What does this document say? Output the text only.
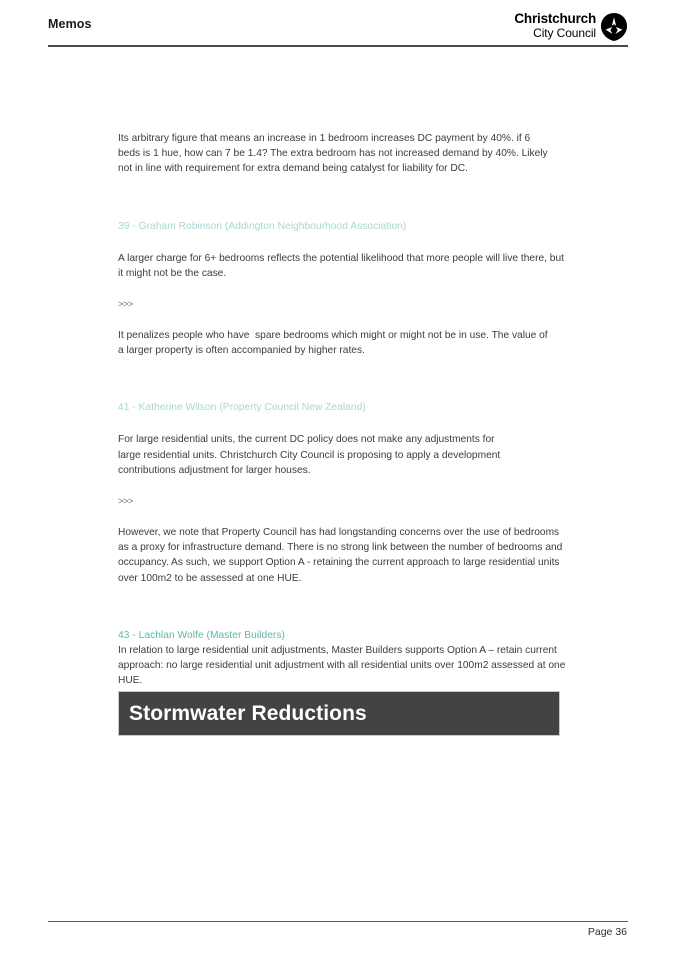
Memos	Christchurch
City Council

Its arbitrary figure that means an increase in 1 bedroom increases DC payment by 40%. if 6 beds is 1 hue, how can 7 be 1.4? The extra bedroom has not increased demand by 40%. Likely not in line with requirement for extra demand being catalyst for liability for DC.

39 - Graham Robinson (Addington Neighbourhood Association)

A larger charge for 6+ bedrooms reflects the potential likelihood that more people will live there, but it might not be the case.

>>>

It penalizes people who have  spare bedrooms which might or might not be in use. The value of a larger property is often accompanied by higher rates.

41 - Katherine Wilson (Property Council New Zealand)

For large residential units, the current DC policy does not make any adjustments for large residential units. Christchurch City Council is proposing to apply a development contributions adjustment for larger houses.

>>>

However, we note that Property Council has had longstanding concerns over the use of bedrooms as a proxy for infrastructure demand. There is no strong link between the number of bedrooms and occupancy. As such, we support Option A - retaining the current approach to large residential units over 100m2 to be assessed at one HUE.

43 - Lachlan Wolfe (Master Builders)

In relation to large residential unit adjustments, Master Builders supports Option A – retain current approach: no large residential unit adjustment with all residential units over 100m2 assessed at one HUE.

Stormwater Reductions
Page 36
